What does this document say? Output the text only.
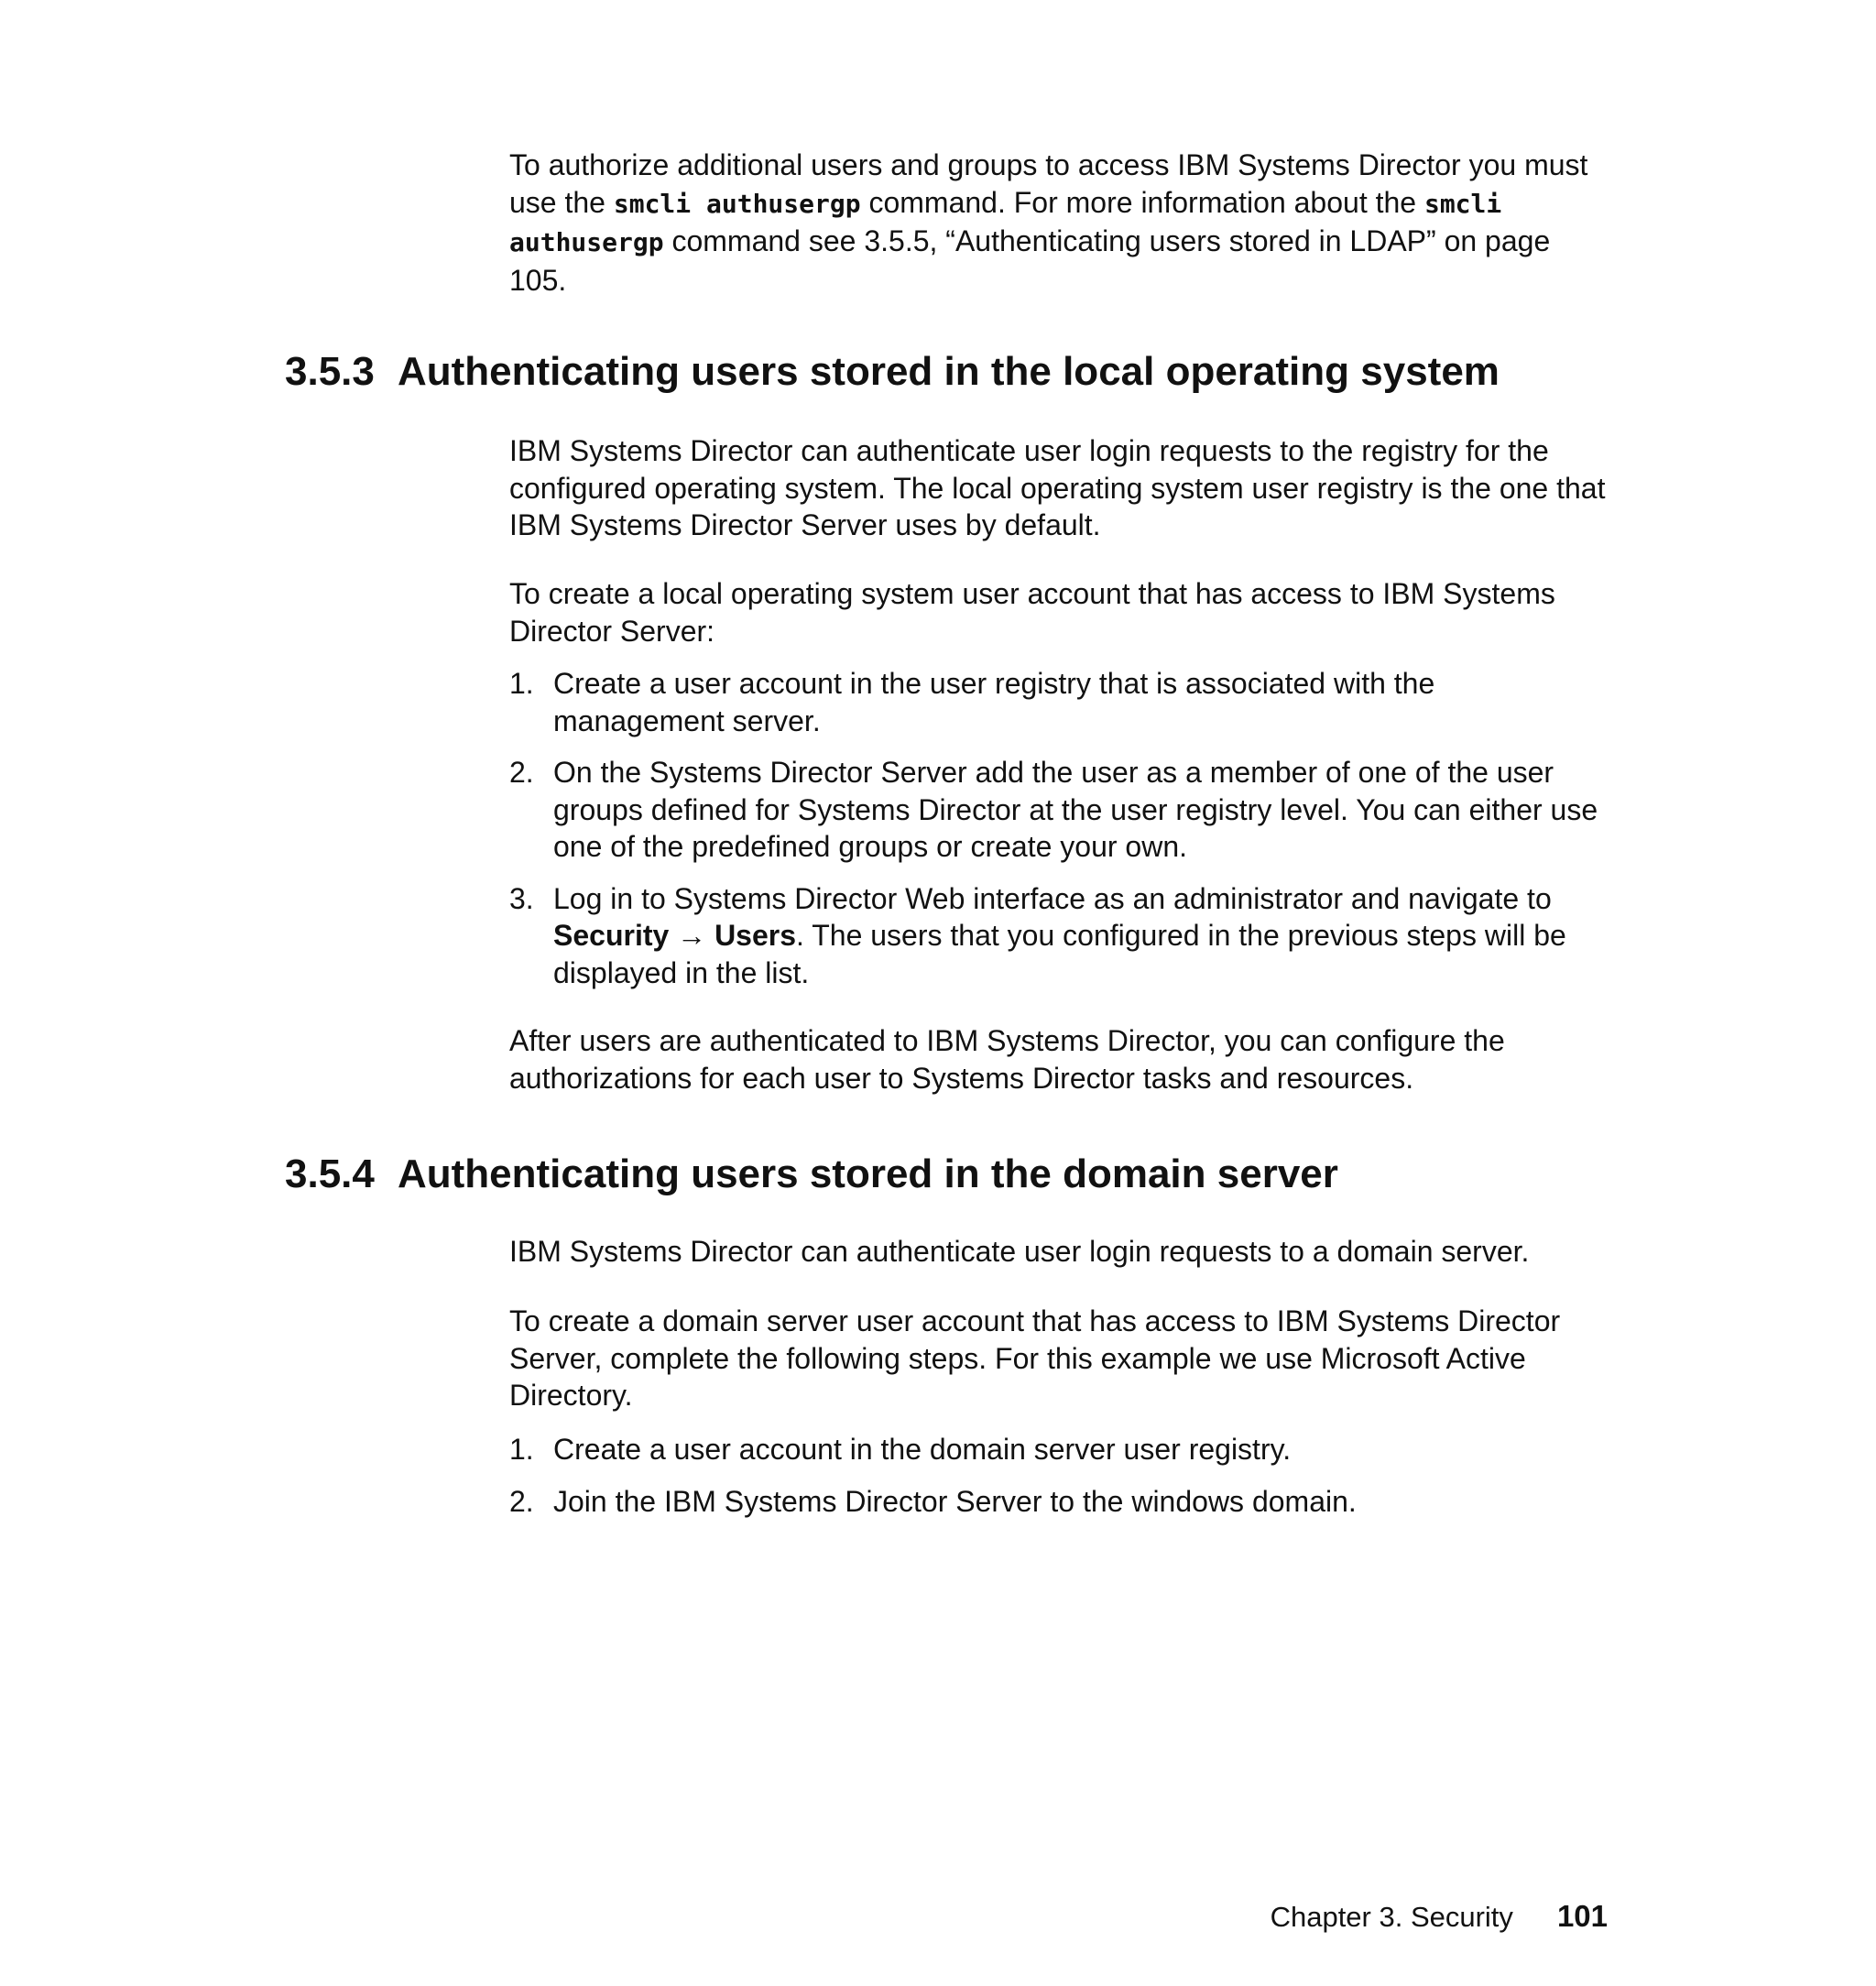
To authorize additional users and groups to access IBM Systems Director you must use the smcli authusergp command. For more information about the smcli authusergp command see 3.5.5, “Authenticating users stored in LDAP” on page 105.

3.5.3 Authenticating users stored in the local operating system

IBM Systems Director can authenticate user login requests to the registry for the configured operating system. The local operating system user registry is the one that IBM Systems Director Server uses by default.

To create a local operating system user account that has access to IBM Systems Director Server:

1. Create a user account in the user registry that is associated with the management server.
2. On the Systems Director Server add the user as a member of one of the user groups defined for Systems Director at the user registry level. You can either use one of the predefined groups or create your own.
3. Log in to Systems Director Web interface as an administrator and navigate to Security → Users. The users that you configured in the previous steps will be displayed in the list.

After users are authenticated to IBM Systems Director, you can configure the authorizations for each user to Systems Director tasks and resources.

3.5.4 Authenticating users stored in the domain server

IBM Systems Director can authenticate user login requests to a domain server.

To create a domain server user account that has access to IBM Systems Director Server, complete the following steps. For this example we use Microsoft Active Directory.

1. Create a user account in the domain server user registry.
2. Join the IBM Systems Director Server to the windows domain.
Chapter 3. Security 101
